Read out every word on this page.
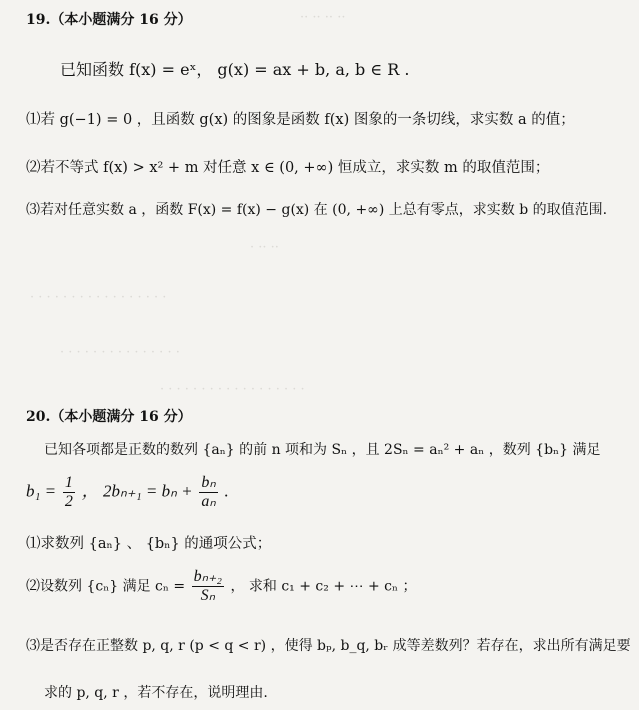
·· ·· ·· ··
· ·· ··
· · · · · · · · · · · · · · · · ·
· · · · · · · · · · · · · · ·
· · · · · · · · · · · · · · · · · ·
19.（本小题满分 16 分）
已知函数 f(x) = eˣ， g(x) = ax + b, a, b ∈ R .
⑴若 g(−1) = 0 ，且函数 g(x) 的图象是函数 f(x) 图象的一条切线，求实数 a 的值；
⑵若不等式 f(x) > x² + m 对任意 x ∈ (0, +∞) 恒成立，求实数 m 的取值范围；
⑶若对任意实数 a ，函数 F(x) = f(x) − g(x) 在 (0, +∞) 上总有零点，求实数 b 的取值范围.
20.（本小题满分 16 分）
已知各项都是正数的数列 {aₙ} 的前 n 项和为 Sₙ ，且 2Sₙ = aₙ² + aₙ ，数列 {bₙ} 满足
$b_1 = \frac{1}{2}$ ， $2b_{n+1} = b_n + \frac{\text{bₙ}}{\text{aₙ}}$ .
⑴求数列 {aₙ} 、 {bₙ} 的通项公式；
⑵设数列 {cₙ} 满足 $c_n = \frac{\text{bₙ₊₂}}{\text{Sₙ}}$ ， 求和 c₁ + c₂ + ⋯ + cₙ ；
⑶是否存在正整数 p, q, r (p < q < r) ，使得 bₚ, b_q, bᵣ 成等差数列？若存在，求出所有满足要
求的 p, q, r ，若不存在，说明理由.
